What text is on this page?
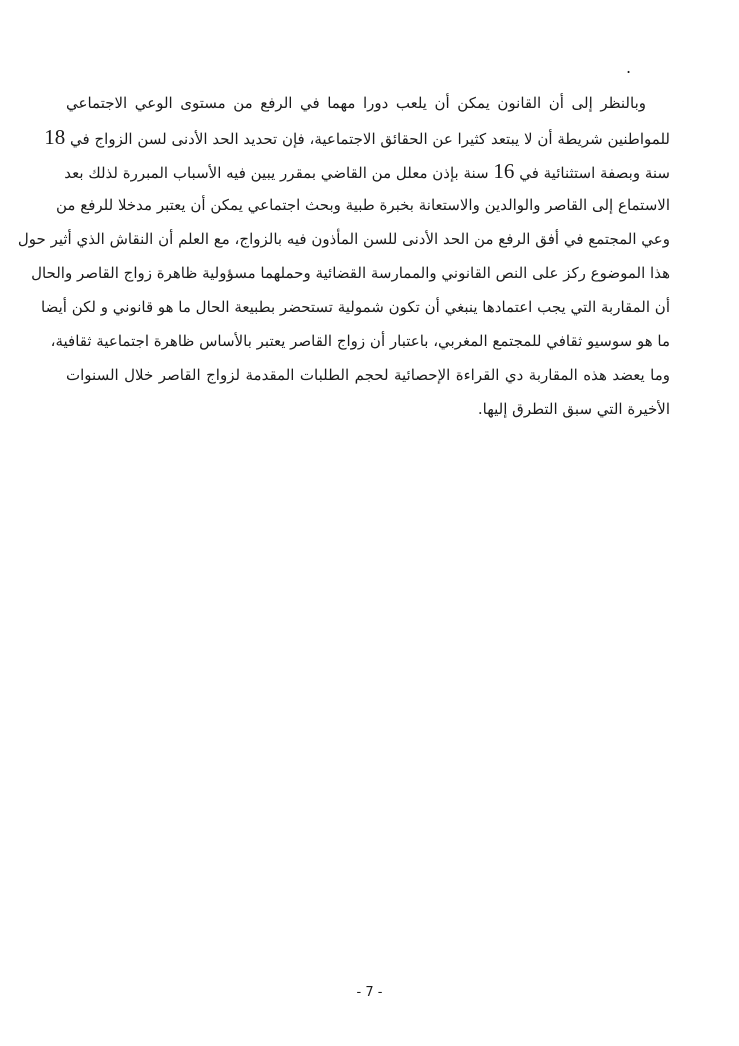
.
وبالنظر إلى أن القانون يمكن أن يلعب دورا مهما في الرفع من مستوى الوعي الاجتماعي
للمواطنين شريطة أن لا يبتعد كثيرا عن الحقائق الاجتماعية، فإن تحديد الحد الأدنى لسن الزواج في 18
سنة وبصفة استثنائية في 16 سنة بإذن معلل من القاضي بمقرر يبين فيه الأسباب المبررة لذلك بعد
الاستماع إلى القاصر والوالدين والاستعانة بخبرة طبية وبحث اجتماعي يمكن أن يعتبر مدخلا للرفع من
وعي المجتمع في أفق الرفع من الحد الأدنى للسن المأذون فيه بالزواج، مع العلم أن النقاش الذي أثير حول
هذا الموضوع ركز على النص القانوني والممارسة القضائية وحملهما مسؤولية ظاهرة زواج القاصر والحال
أن المقاربة التي يجب اعتمادها ينبغي أن تكون شمولية تستحضر بطبيعة الحال ما هو قانوني و لكن أيضا
ما هو سوسيو ثقافي للمجتمع المغربي، باعتبار أن زواج القاصر يعتبر بالأساس ظاهرة اجتماعية ثقافية،
وما يعضد هذه المقاربة دي القراءة الإحصائية لحجم الطلبات المقدمة لزواج القاصر خلال السنوات
الأخيرة التي سبق التطرق إليها.
- 7 -
